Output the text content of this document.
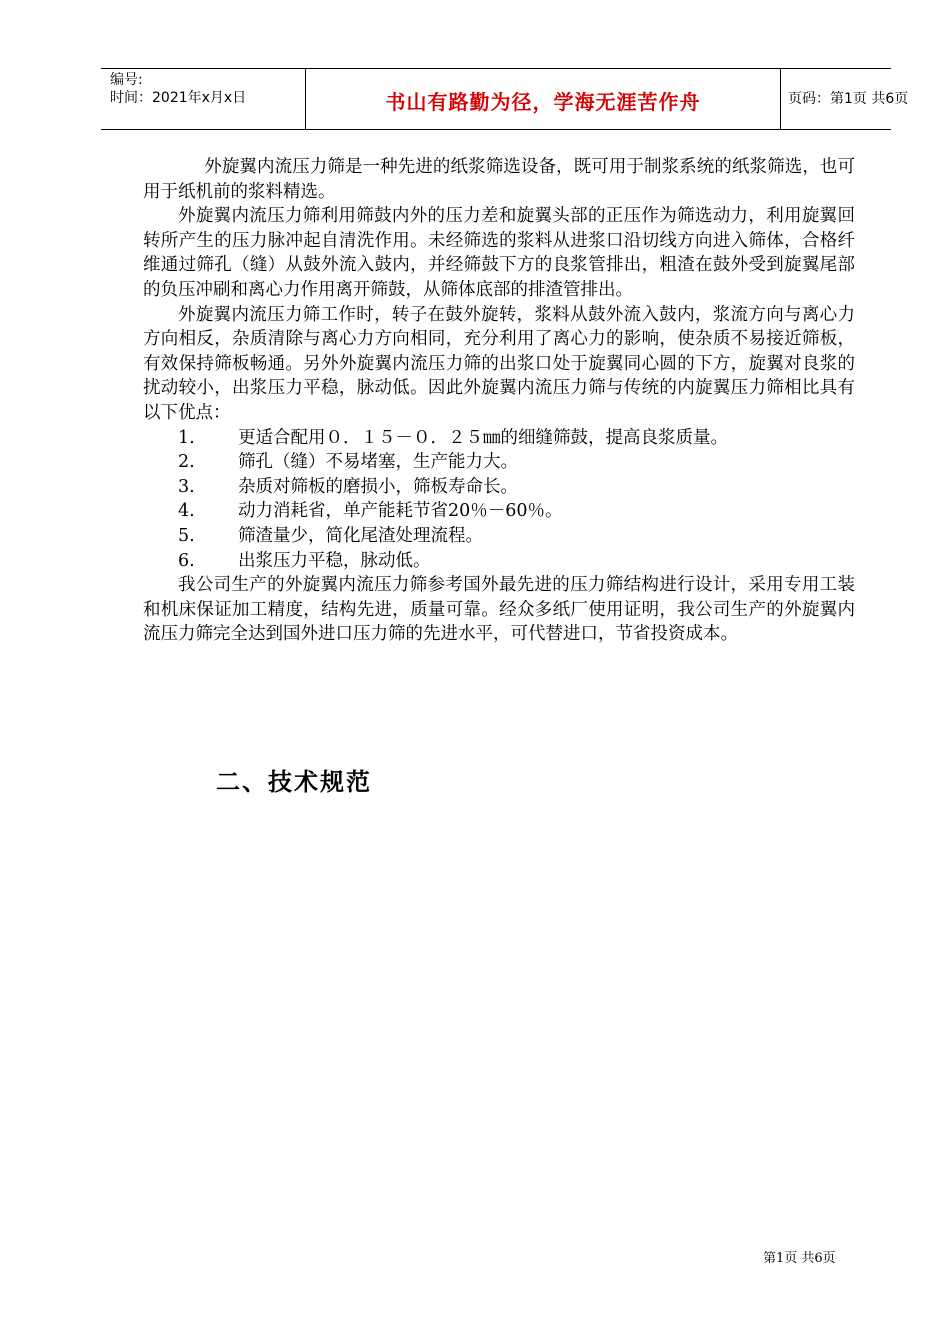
编号:
时间：2021年x月x日	书山有路勤为径，学海无涯苦作舟	页码：第1页 共6页

外旋翼内流压力筛是一种先进的纸浆筛选设备，既可用于制浆系统的纸浆筛选，也可用于纸机前的浆料精选。

外旋翼内流压力筛利用筛鼓内外的压力差和旋翼头部的正压作为筛选动力，利用旋翼回转所产生的压力脉冲起自清洗作用。未经筛选的浆料从进浆口沿切线方向进入筛体，合格纤维通过筛孔（缝）从鼓外流入鼓内，并经筛鼓下方的良浆管排出，粗渣在鼓外受到旋翼尾部的负压冲刷和离心力作用离开筛鼓，从筛体底部的排渣管排出。

外旋翼内流压力筛工作时，转子在鼓外旋转，浆料从鼓外流入鼓内，浆流方向与离心力方向相反，杂质清除与离心力方向相同，充分利用了离心力的影响，使杂质不易接近筛板，有效保持筛板畅通。另外外旋翼内流压力筛的出浆口处于旋翼同心圆的下方，旋翼对良浆的扰动较小，出浆压力平稳，脉动低。因此外旋翼内流压力筛与传统的内旋翼压力筛相比具有以下优点：

1. 更适合配用０．１５－０．２５㎜的细缝筛鼓，提高良浆质量。
2. 筛孔（缝）不易堵塞，生产能力大。
3. 杂质对筛板的磨损小，筛板寿命长。
4. 动力消耗省，单产能耗节省20％－60％。
5. 筛渣量少，简化尾渣处理流程。
6. 出浆压力平稳，脉动低。

我公司生产的外旋翼内流压力筛参考国外最先进的压力筛结构进行设计，采用专用工装和机床保证加工精度，结构先进，质量可靠。经众多纸厂使用证明，我公司生产的外旋翼内流压力筛完全达到国外进口压力筛的先进水平，可代替进口，节省投资成本。

二、技术规范
第1页 共6页
